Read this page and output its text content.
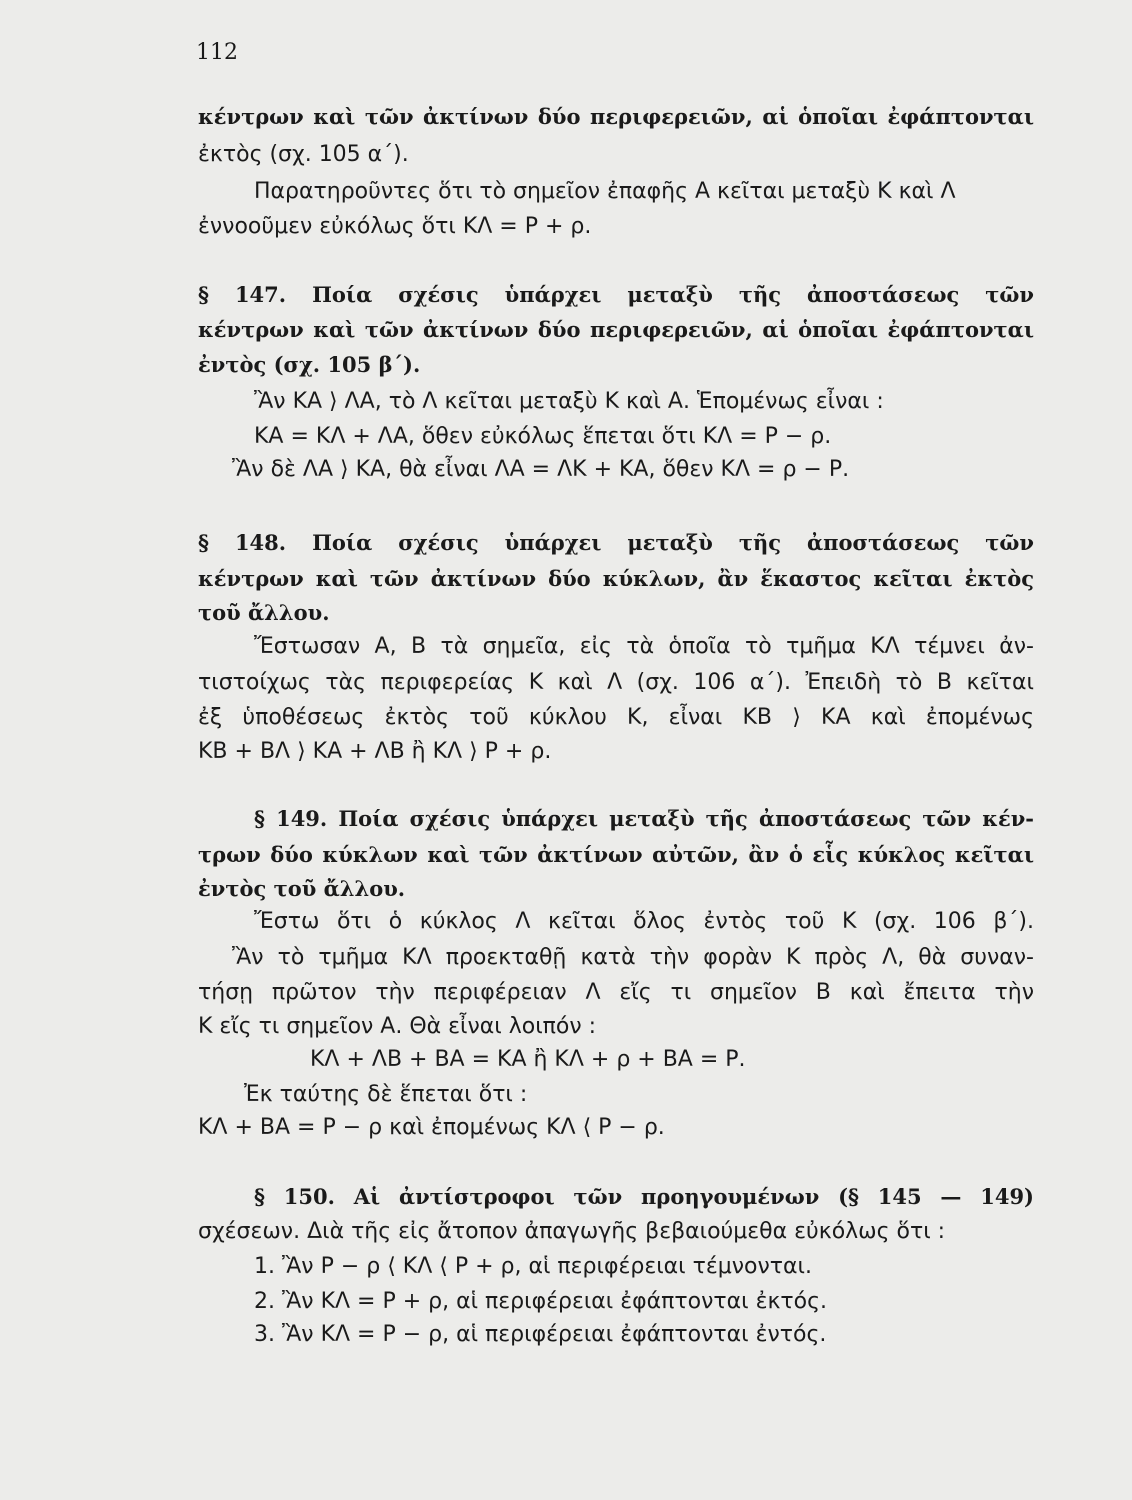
112
κέντρων καὶ τῶν ἀκτίνων δύο περιφερειῶν, αἱ ὁποῖαι ἐφάπτονται
ἐκτὸς (σχ. 105 α΄).
Παρατηροῦντες ὅτι τὸ σημεῖον ἐπαφῆς Α κεῖται μεταξὺ Κ καὶ Λ
ἐννοοῦμεν εὐκόλως ὅτι ΚΛ = Ρ + ρ.
§ 147. Ποία σχέσις ὑπάρχει μεταξὺ τῆς ἀποστάσεως τῶν
κέντρων καὶ τῶν ἀκτίνων δύο περιφερειῶν, αἱ ὁποῖαι ἐφάπτονται
ἐντὸς (σχ. 105 β΄).
Ἂν ΚΑ ⟩ ΛΑ, τὸ Λ κεῖται μεταξὺ Κ καὶ Α. Ἑπομένως εἶναι :
ΚΑ = ΚΛ + ΛΑ, ὅθεν εὐκόλως ἕπεται ὅτι ΚΛ = Ρ − ρ.
Ἂν δὲ ΛΑ ⟩ ΚΑ, θὰ εἶναι ΛΑ = ΛΚ + ΚΑ, ὅθεν ΚΛ = ρ − Ρ.
§ 148. Ποία σχέσις ὑπάρχει μεταξὺ τῆς ἀποστάσεως τῶν
κέντρων καὶ τῶν ἀκτίνων δύο κύκλων, ἂν ἕκαστος κεῖται ἐκτὸς
τοῦ ἄλλου.
Ἔστωσαν Α, Β τὰ σημεῖα, εἰς τὰ ὁποῖα τὸ τμῆμα ΚΛ τέμνει ἀν-
τιστοίχως τὰς περιφερείας Κ καὶ Λ (σχ. 106 α΄). Ἐπειδὴ τὸ Β κεῖται
ἐξ ὑποθέσεως ἐκτὸς τοῦ κύκλου Κ, εἶναι ΚΒ ⟩ ΚΑ καὶ ἐπομένως
ΚΒ + ΒΛ ⟩ ΚΑ + ΛΒ ἢ ΚΛ ⟩ Ρ + ρ.
§ 149. Ποία σχέσις ὑπάρχει μεταξὺ τῆς ἀποστάσεως τῶν κέν-
τρων δύο κύκλων καὶ τῶν ἀκτίνων αὐτῶν, ἂν ὁ εἷς κύκλος κεῖται
ἐντὸς τοῦ ἄλλου.
Ἔστω ὅτι ὁ κύκλος Λ κεῖται ὅλος ἐντὸς τοῦ Κ (σχ. 106 β΄).
Ἂν τὸ τμῆμα ΚΛ προεκταθῇ κατὰ τὴν φορὰν Κ πρὸς Λ, θὰ συναν-
τήσῃ πρῶτον τὴν περιφέρειαν Λ εἴς τι σημεῖον Β καὶ ἔπειτα τὴν
Κ εἴς τι σημεῖον Α. Θὰ εἶναι λοιπόν :
ΚΛ + ΛΒ + ΒΑ = ΚΑ ἢ ΚΛ + ρ + ΒΑ = Ρ.
Ἐκ ταύτης δὲ ἕπεται ὅτι :
ΚΛ + ΒΑ = Ρ − ρ καὶ ἐπομένως ΚΛ ⟨ Ρ − ρ.
§ 150. Αἱ ἀντίστροφοι τῶν προηγουμένων (§ 145 — 149)
σχέσεων. Διὰ τῆς εἰς ἄτοπον ἀπαγωγῆς βεβαιούμεθα εὐκόλως ὅτι :
1. Ἂν Ρ − ρ ⟨ ΚΛ ⟨ Ρ + ρ, αἱ περιφέρειαι τέμνονται.
2. Ἂν ΚΛ = Ρ + ρ, αἱ περιφέρειαι ἐφάπτονται ἐκτός.
3. Ἂν ΚΛ = Ρ − ρ, αἱ περιφέρειαι ἐφάπτονται ἐντός.
